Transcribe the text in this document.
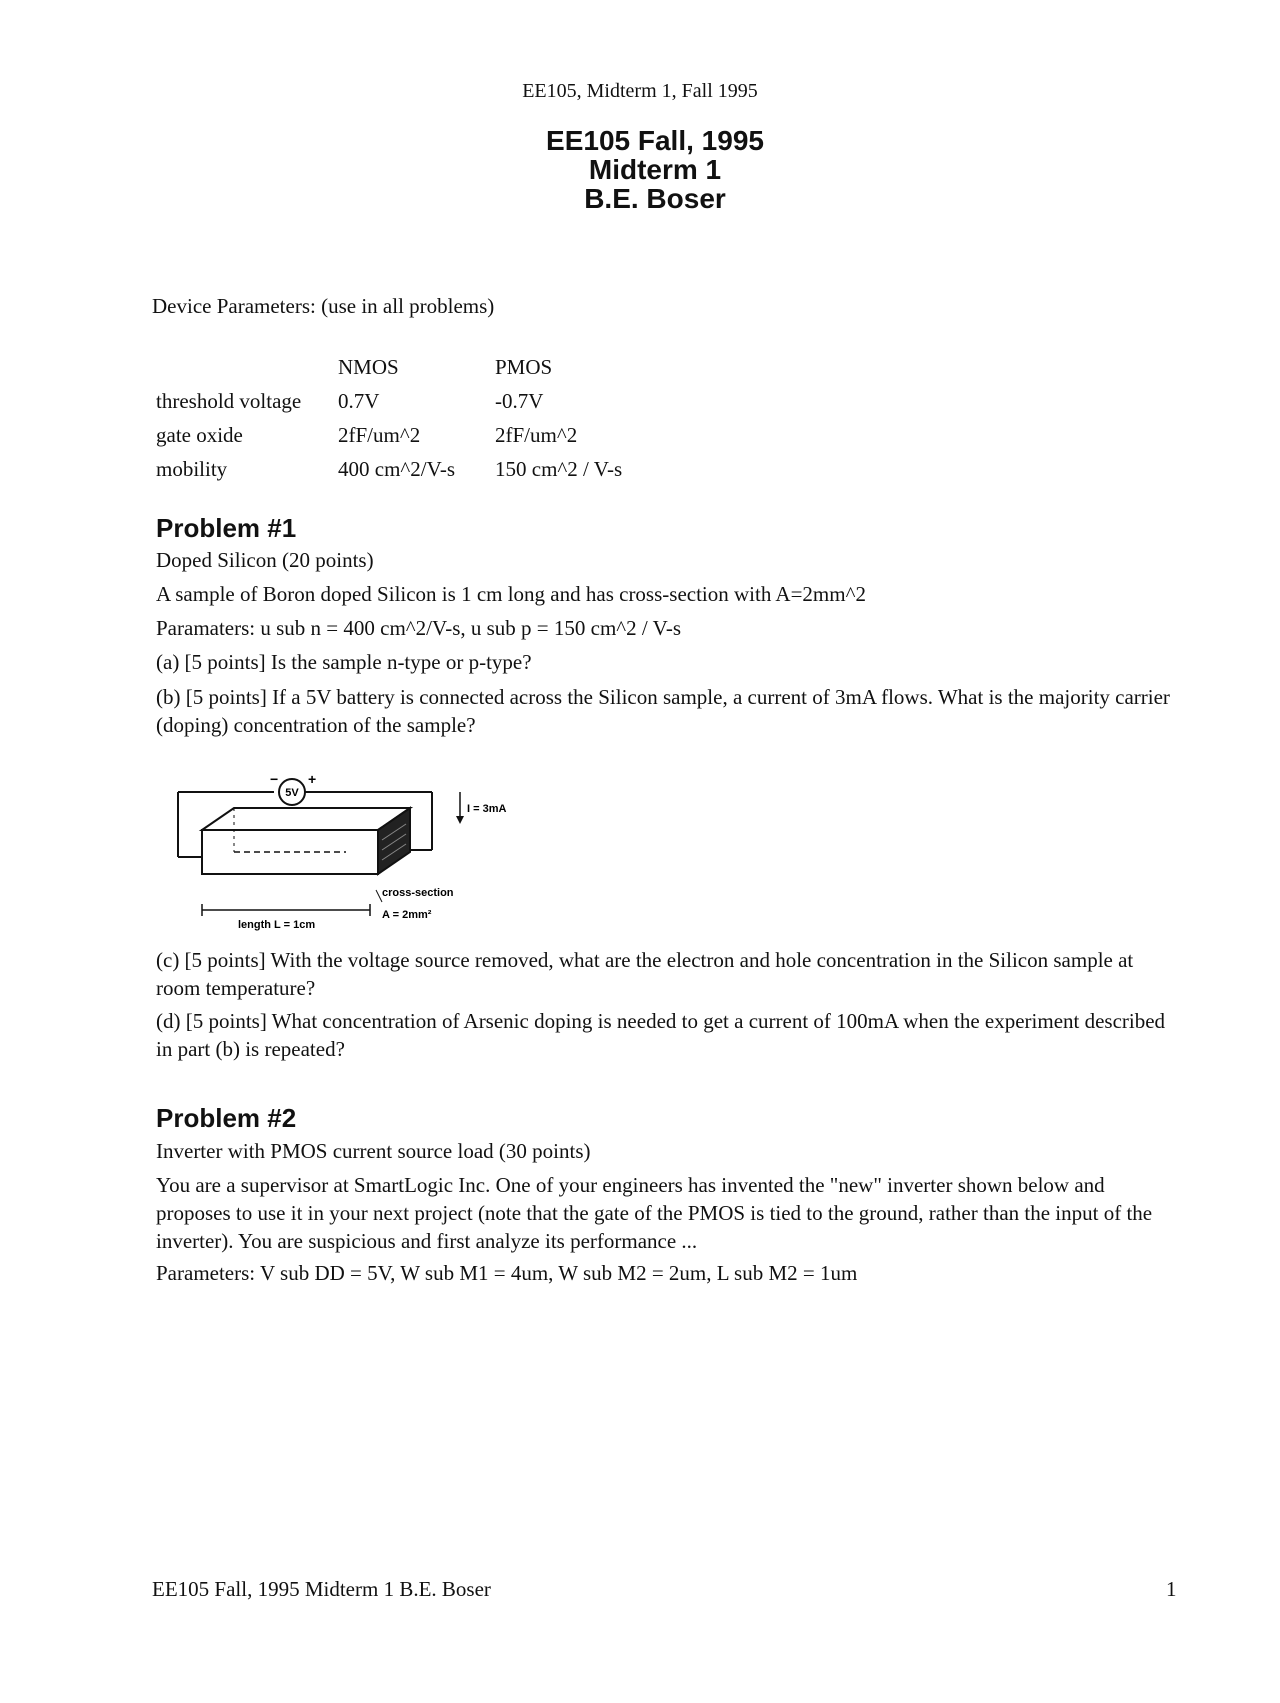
EE105, Midterm 1, Fall 1995
EE105 Fall, 1995
Midterm 1
B.E. Boser
Device Parameters: (use in all problems)
	NMOS	PMOS
threshold voltage	0.7V	-0.7V
gate oxide	2fF/um^2	2fF/um^2
mobility	400 cm^2/V-s	150 cm^2 / V-s
Problem #1
Doped Silicon (20 points)
A sample of Boron doped Silicon is 1 cm long and has cross-section with A=2mm^2
Paramaters: u sub n = 400 cm^2/V-s, u sub p = 150 cm^2 / V-s
(a) [5 points] Is the sample n-type or p-type?
(b) [5 points] If a 5V battery is connected across the Silicon sample, a current of 3mA flows. What is the majority carrier (doping) concentration of the sample?
5V
− +
I = 3mA
cross-section
A = 2mm²
length L = 1cm
(c) [5 points] With the voltage source removed, what are the electron and hole concentration in the Silicon sample at room temperature?
(d) [5 points] What concentration of Arsenic doping is needed to get a current of 100mA when the experiment described in part (b) is repeated?
Problem #2
Inverter with PMOS current source load (30 points)
You are a supervisor at SmartLogic Inc. One of your engineers has invented the "new" inverter shown below and proposes to use it in your next project (note that the gate of the PMOS is tied to the ground, rather than the input of the inverter). You are suspicious and first analyze its performance ...
Parameters: V sub DD = 5V, W sub M1 = 4um, W sub M2 = 2um, L sub M2 = 1um
EE105 Fall, 1995 Midterm 1 B.E. Boser	1
